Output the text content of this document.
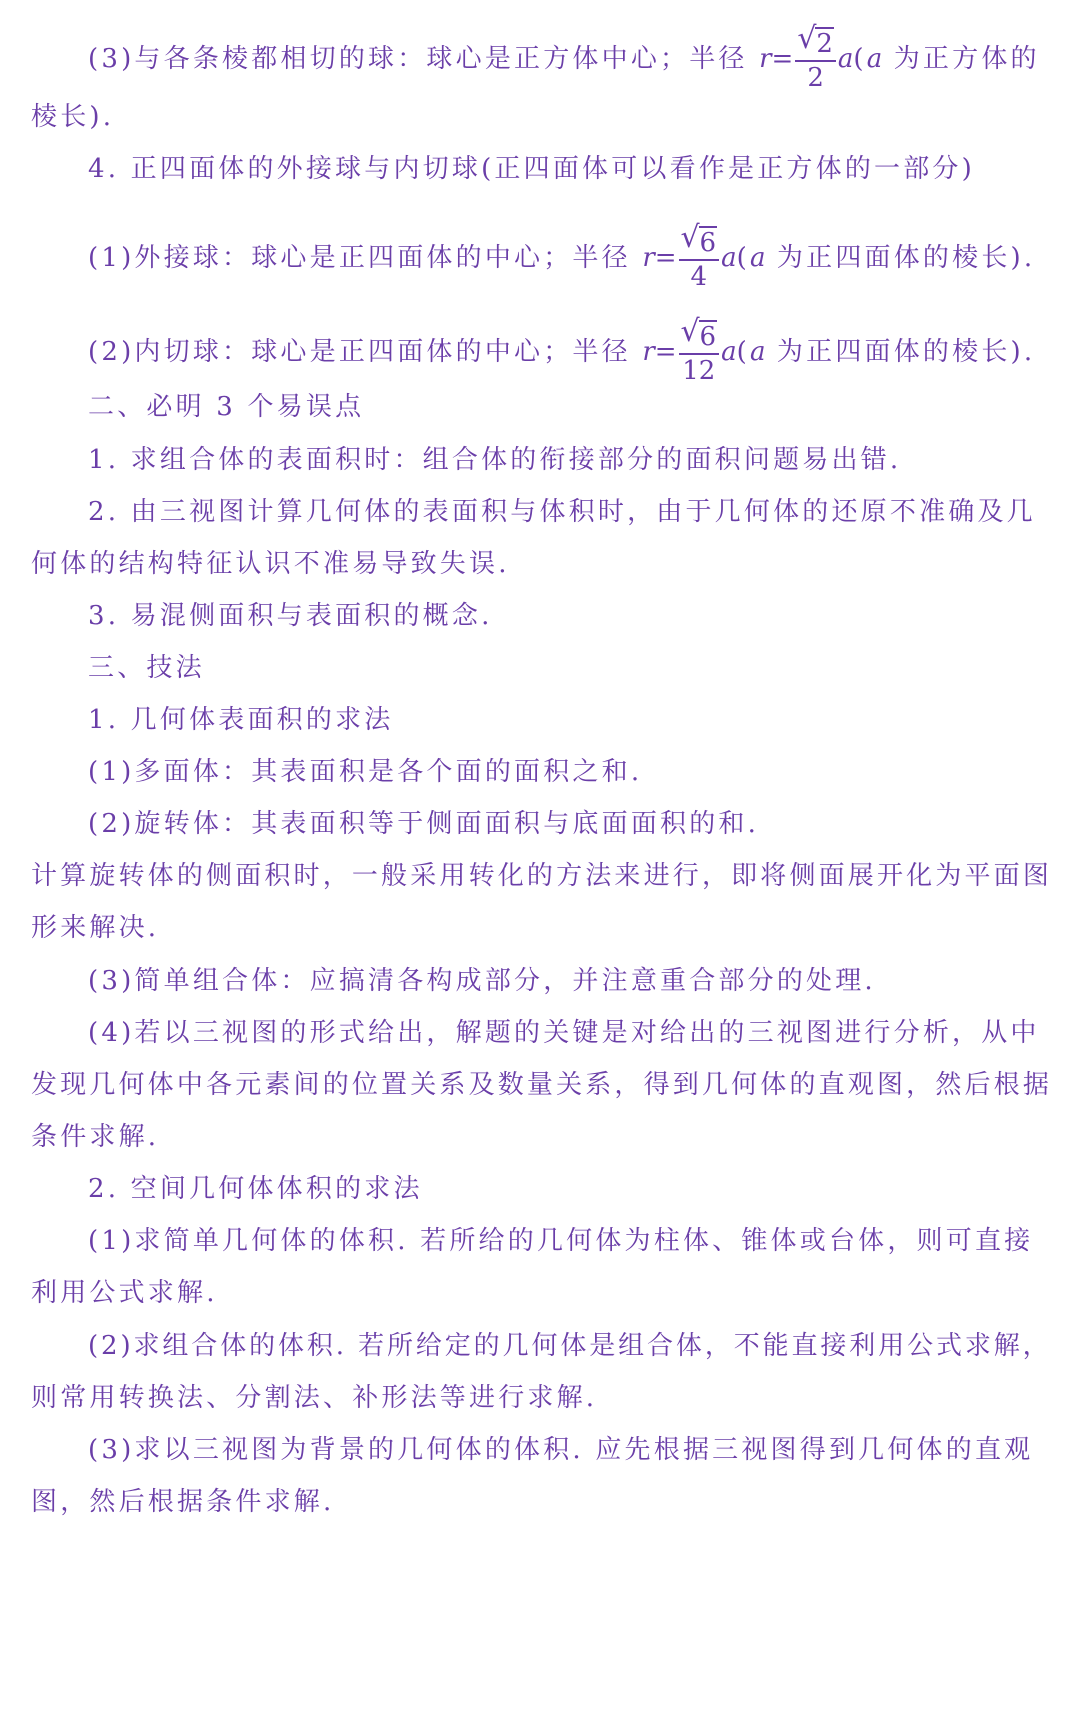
(3)与各条棱都相切的球：球心是正方体中心；半径 r= √ $\frac{2}{2} a(a$ 为正方体的
棱长).
4. 正四面体的外接球与内切球(正四面体可以看作是正方体的一部分)
(1)外接球：球心是正四面体的中心；半径 r= √ $\frac{6}{4} a(a$ 为正四面体的棱长).
(2)内切球：球心是正四面体的中心；半径 r= √ $\frac{6}{12} a(a$ 为正四面体的棱长).
二、必明 3 个易误点
1. 求组合体的表面积时：组合体的衔接部分的面积问题易出错.
2. 由三视图计算几何体的表面积与体积时，由于几何体的还原不准确及几
何体的结构特征认识不准易导致失误.
3. 易混侧面积与表面积的概念.
三、技法
1. 几何体表面积的求法
(1)多面体：其表面积是各个面的面积之和.
(2)旋转体：其表面积等于侧面面积与底面面积的和.
计算旋转体的侧面积时，一般采用转化的方法来进行，即将侧面展开化为平面图
形来解决.
(3)简单组合体：应搞清各构成部分，并注意重合部分的处理.
(4)若以三视图的形式给出，解题的关键是对给出的三视图进行分析，从中
发现几何体中各元素间的位置关系及数量关系，得到几何体的直观图，然后根据
条件求解.
2. 空间几何体体积的求法
(1)求简单几何体的体积. 若所给的几何体为柱体、锥体或台体，则可直接
利用公式求解.
(2)求组合体的体积. 若所给定的几何体是组合体，不能直接利用公式求解，
则常用转换法、分割法、补形法等进行求解.
(3)求以三视图为背景的几何体的体积. 应先根据三视图得到几何体的直观
图，然后根据条件求解.
